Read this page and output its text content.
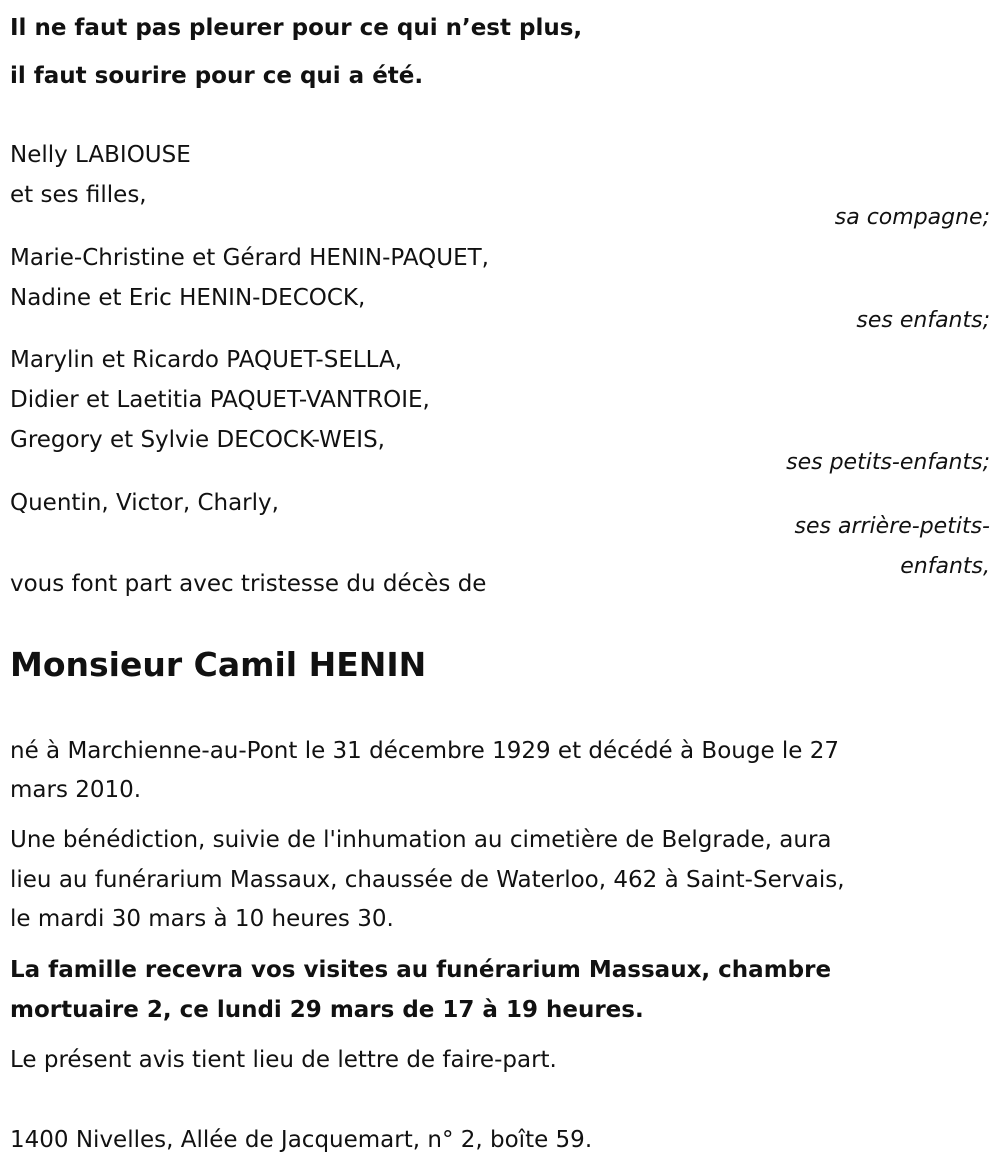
Il ne faut pas pleurer pour ce qui n’est plus,
il faut sourire pour ce qui a été.
Nelly LABIOUSE
et ses filles,
sa compagne;
Marie-Christine et Gérard HENIN-PAQUET,
Nadine et Eric HENIN-DECOCK,
ses enfants;
Marylin et Ricardo PAQUET-SELLA,
Didier et Laetitia PAQUET-VANTROIE,
Gregory et Sylvie DECOCK-WEIS,
ses petits-enfants;
Quentin, Victor, Charly,
ses arrière-petits-
enfants,
vous font part avec tristesse du décès de
Monsieur Camil HENIN
né à Marchienne-au-Pont le 31 décembre 1929 et décédé à Bouge le 27
mars 2010.
Une bénédiction, suivie de l'inhumation au cimetière de Belgrade, aura
lieu au funérarium Massaux, chaussée de Waterloo, 462 à Saint-Servais,
le mardi 30 mars à 10 heures 30.
La famille recevra vos visites au funérarium Massaux, chambre
mortuaire 2, ce lundi 29 mars de 17 à 19 heures.
Le présent avis tient lieu de lettre de faire-part.
1400 Nivelles, Allée de Jacquemart, n° 2, boîte 59.
